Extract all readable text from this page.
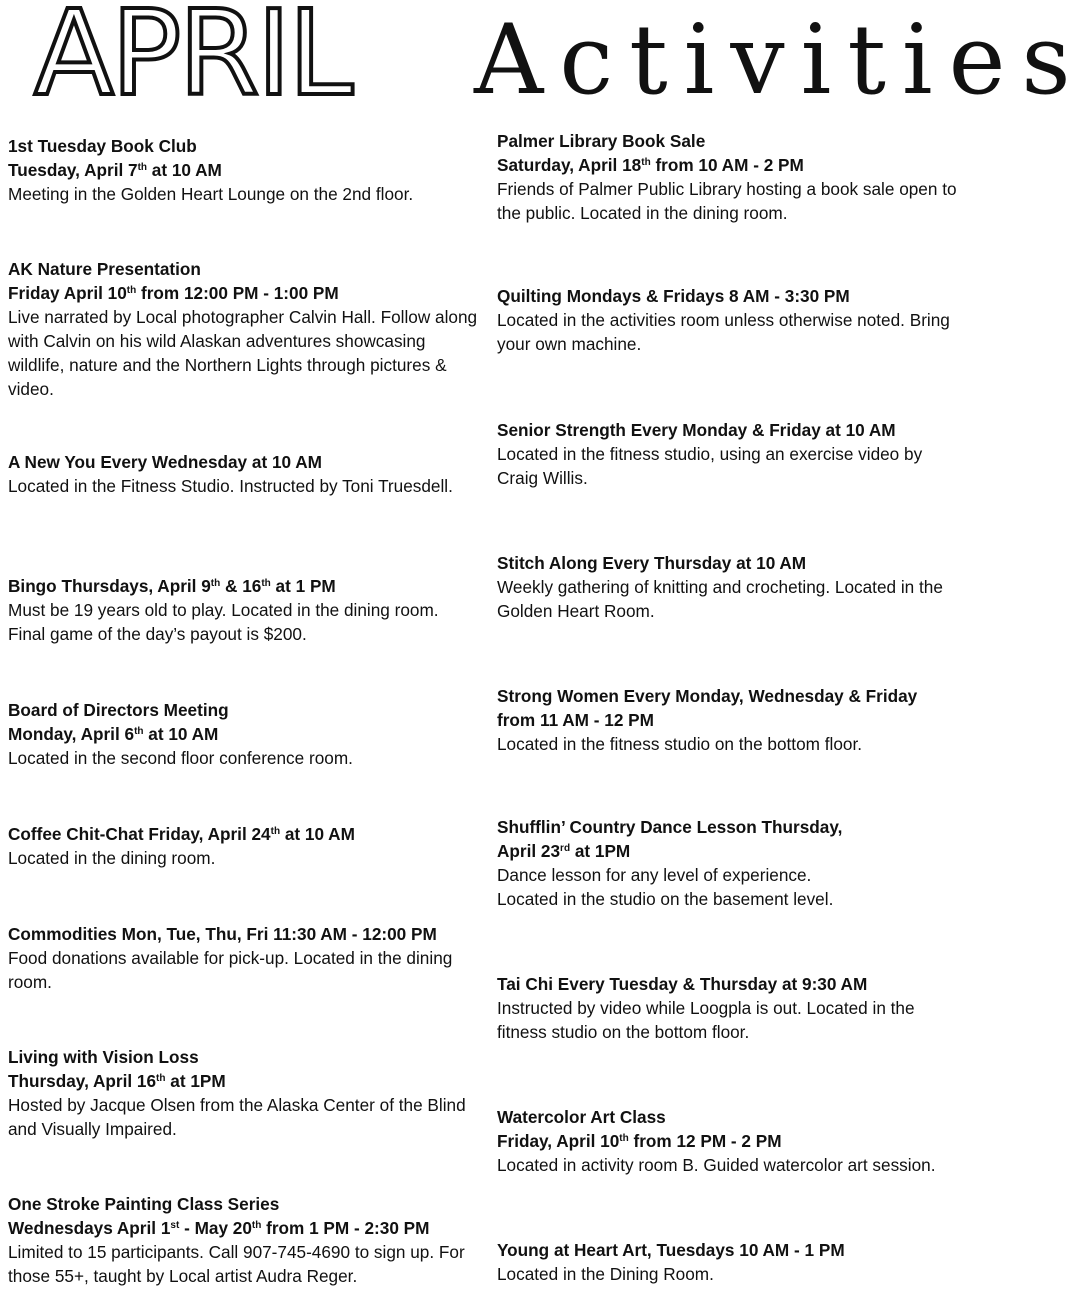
APRIL Activities
1st Tuesday Book Club
Tuesday, April 7th at 10 AM
Meeting in the Golden Heart Lounge on the 2nd floor.
AK Nature Presentation
Friday April 10th from 12:00 PM - 1:00 PM
Live narrated by Local photographer Calvin Hall. Follow along with Calvin on his wild Alaskan adventures showcasing wildlife, nature and the Northern Lights through pictures & video.
A New You Every Wednesday at 10 AM
Located in the Fitness Studio. Instructed by Toni Truesdell.
Bingo Thursdays, April 9th & 16th at 1 PM
Must be 19 years old to play. Located in the dining room. Final game of the day’s payout is $200.
Board of Directors Meeting
Monday, April 6th at 10 AM
Located in the second floor conference room.
Coffee Chit-Chat Friday, April 24th at 10 AM
Located in the dining room.
Commodities Mon, Tue, Thu, Fri 11:30 AM - 12:00 PM
Food donations available for pick-up. Located in the dining room.
Living with Vision Loss
Thursday, April 16th at 1PM
Hosted by Jacque Olsen from the Alaska Center of the Blind and Visually Impaired.
One Stroke Painting Class Series
Wednesdays April 1st - May 20th from 1 PM - 2:30 PM
Limited to 15 participants. Call 907-745-4690 to sign up. For those 55+, taught by Local artist Audra Reger.
Palmer Library Book Sale
Saturday, April 18th from 10 AM - 2 PM
Friends of Palmer Public Library hosting a book sale open to the public. Located in the dining room.
Quilting Mondays & Fridays 8 AM - 3:30 PM
Located in the activities room unless otherwise noted. Bring your own machine.
Senior Strength Every Monday & Friday at 10 AM
Located in the fitness studio, using an exercise video by Craig Willis.
Stitch Along Every Thursday at 10 AM
Weekly gathering of knitting and crocheting. Located in the Golden Heart Room.
Strong Women Every Monday, Wednesday & Friday
from 11 AM - 12 PM
Located in the fitness studio on the bottom floor.
Shufflin’ Country Dance Lesson Thursday,
April 23rd at 1PM
Dance lesson for any level of experience. Located in the studio on the basement level.
Tai Chi Every Tuesday & Thursday at 9:30 AM
Instructed by video while Loogpla is out. Located in the fitness studio on the bottom floor.
Watercolor Art Class
Friday, April 10th from 12 PM - 2 PM
Located in activity room B. Guided watercolor art session.
Young at Heart Art, Tuesdays 10 AM - 1 PM
Located in the Dining Room.
